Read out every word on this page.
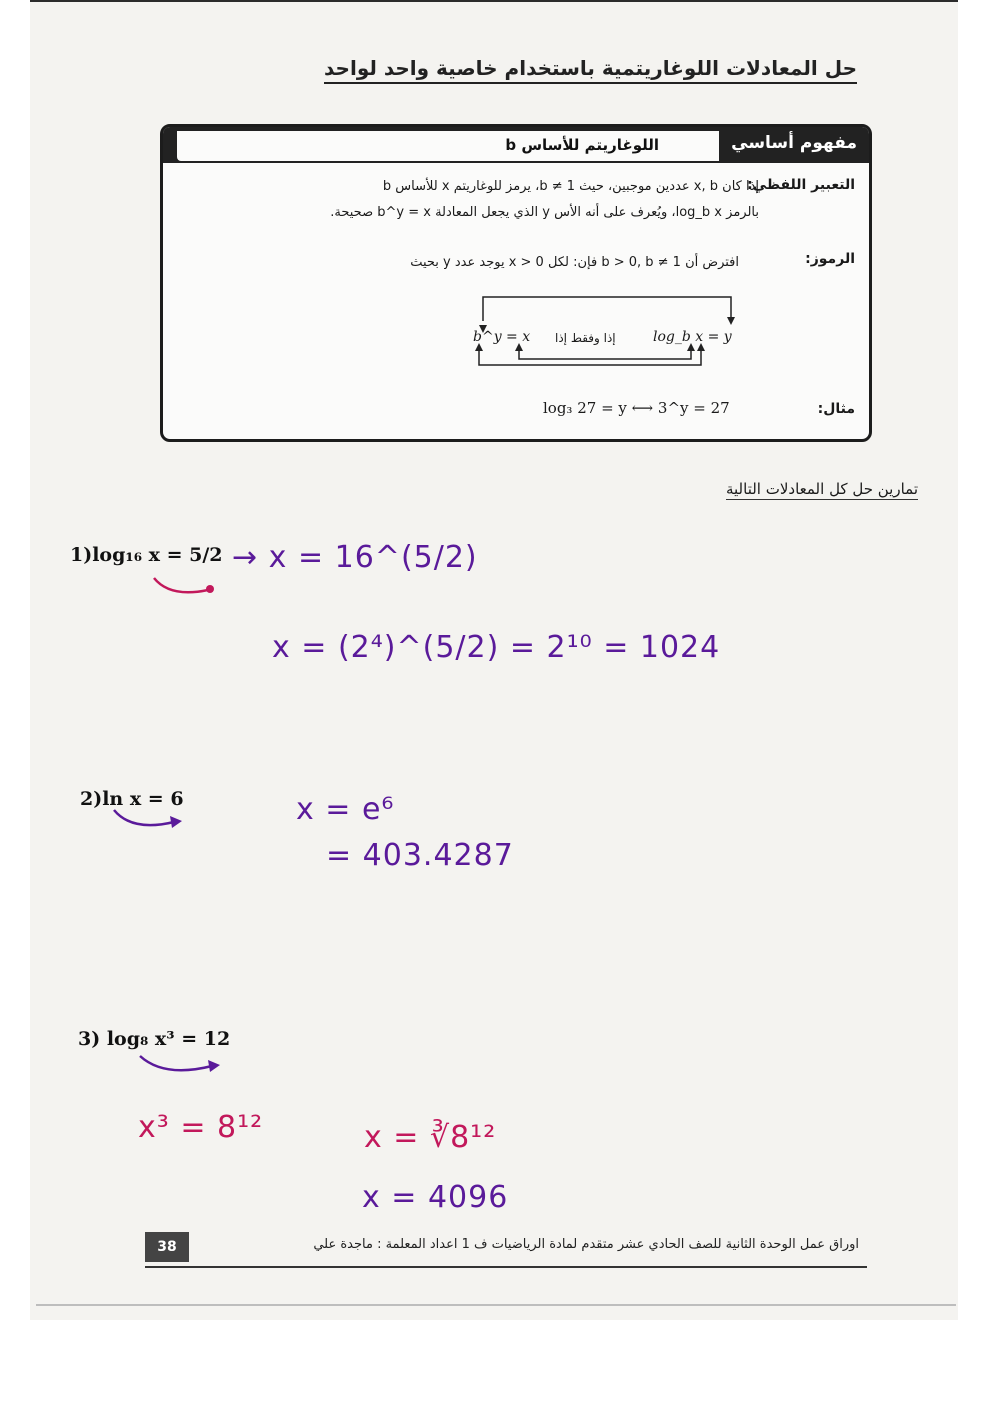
حل المعادلات اللوغاريتمية باستخدام خاصية واحد لواحد
مفهوم أساسي
اللوغاريتم للأساس b
التعبير اللفظي:
إذا كان x, b عددين موجبين، حيث b ≠ 1، يرمز للوغاريتم x للأساس b
بالرمز log_b x، ويُعرف على أنه الأس y الذي يجعل المعادلة b^y = x صحيحة.
الرموز:
افترض أن b > 0, b ≠ 1 فإن: لكل x > 0 يوجد عدد y بحيث
b^y = x إذا وفقط إذا	log_b x = y
مثال:
log₃ 27 = y ⟷ 3^y = 27
تمارين حل كل المعادلات التالية
1)log₁₆ x = 5/2 → x = 16^(5/2)
x = (2⁴)^(5/2) = 2¹⁰ = 1024
2)ln x = 6	x = e⁶
= 403.4287
3) log₈ x³ = 12
x³ = 8¹²	x = ∛8¹²
x = 4096
38	اوراق عمل الوحدة الثانية للصف الحادي عشر متقدم لمادة الرياضيات ف 1 اعداد المعلمة : ماجدة علي
